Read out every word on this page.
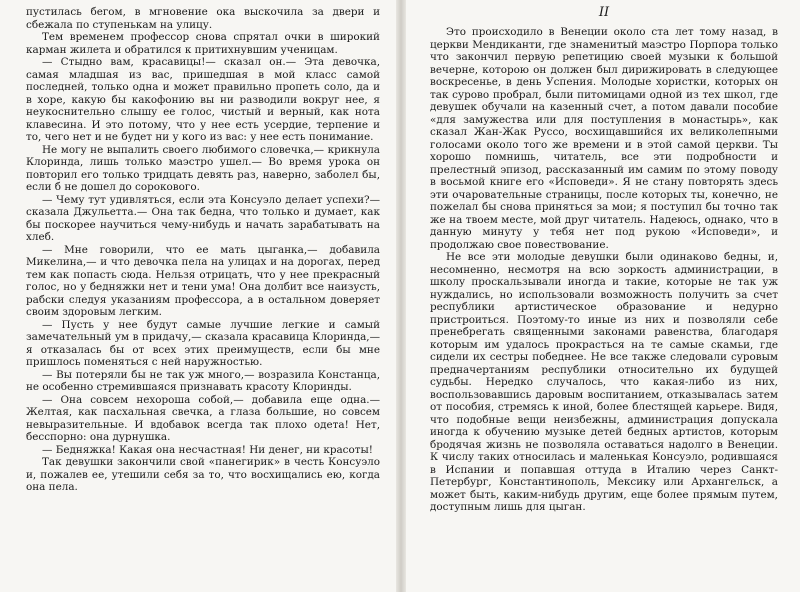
пустилась бегом, в мгновение ока выскочила за двери и сбежала по ступенькам на улицу.

Тем временем профессор снова спрятал очки в широкий карман жилета и обратился к притихнувшим ученицам.

— Стыдно вам, красавицы!— сказал он.— Эта девочка, самая младшая из вас, пришедшая в мой класс самой последней, только одна и может правильно пропеть соло, да и в хоре, какую бы какофонию вы ни разводили вокруг нее, я неукоснительно слышу ее голос, чистый и верный, как нота клавесина. И это потому, что у нее есть усердие, терпение и то, чего нет и не будет ни у кого из вас: у нее есть понимание.

Не могу не выпалить своего любимого словечка,— крикнула Клоринда, лишь только маэстро ушел.— Во время урока он повторил его только тридцать девять раз, наверно, заболел бы, если б не дошел до сорокового.

— Чему тут удивляться, если эта Консуэло делает успехи?— сказала Джульетта.— Она так бедна, что только и думает, как бы поскорее научиться чему-нибудь и начать зарабатывать на хлеб.

— Мне говорили, что ее мать цыганка,— добавила Микелина,— и что девочка пела на улицах и на дорогах, перед тем как попасть сюда. Нельзя отрицать, что у нее прекрасный голос, но у бедняжки нет и тени ума! Она долбит все наизусть, рабски следуя указаниям профессора, а в остальном доверяет своим здоровым легким.

— Пусть у нее будут самые лучшие легкие и самый замечательный ум в придачу,— сказала красавица Клоринда,— я отказалась бы от всех этих преимуществ, если бы мне пришлось поменяться с ней наружностью.

— Вы потеряли бы не так уж много,— возразила Констанца, не особенно стремившаяся признавать красоту Клоринды.

— Она совсем нехороша собой,— добавила еще одна.— Желтая, как пасхальная свечка, а глаза большие, но совсем невыразительные. И вдобавок всегда так плохо одета! Нет, бесспорно: она дурнушка.

— Бедняжка! Какая она несчастная! Ни денег, ни красоты!

Так девушки закончили свой «панегирик» в честь Консуэло и, пожалев ее, утешили себя за то, что восхищались ею, когда она пела.

II

Это происходило в Венеции около ста лет тому назад, в церкви Мендиканти, где знаменитый маэстро Порпора только что закончил первую репетицию своей музыки к большой вечерне, которою он должен был дирижировать в следующее воскресенье, в день Успения. Молодые хористки, которых он так сурово пробрал, были питомицами одной из тех школ, где девушек обучали на казенный счет, а потом давали пособие «для замужества или для поступления в монастырь», как сказал Жан-Жак Руссо, восхищавшийся их великолепными голосами около того же времени и в этой самой церкви. Ты хорошо помнишь, читатель, все эти подробности и прелестный эпизод, рассказанный им самим по этому поводу в восьмой книге его «Исповеди». Я не стану повторять здесь эти очаровательные страницы, после которых ты, конечно, не пожелал бы снова приняться за мои; я поступил бы точно так же на твоем месте, мой друг читатель. Надеюсь, однако, что в данную минуту у тебя нет под рукою «Исповеди», и продолжаю свое повествование.

Не все эти молодые девушки были одинаково бедны, и, несомненно, несмотря на всю зоркость администрации, в школу проскальзывали иногда и такие, которые не так уж нуждались, но использовали возможность получить за счет республики артистическое образование и недурно пристроиться. Поэтому-то иные из них и позволяли себе пренебрегать священными законами равенства, благодаря которым им удалось прокрасться на те самые скамьи, где сидели их сестры победнее. Не все также следовали суровым предначертаниям республики относительно их будущей судьбы. Нередко случалось, что какая-либо из них, воспользовавшись даровым воспитанием, отказывалась затем от пособия, стремясь к иной, более блестящей карьере. Видя, что подобные вещи неизбежны, администрация допускала иногда к обучению музыке детей бедных артистов, которым бродячая жизнь не позволяла оставаться надолго в Венеции. К числу таких относилась и маленькая Консуэло, родившаяся в Испании и попавшая оттуда в Италию через Санкт-Петербург, Константинополь, Мексику или Архангельск, а может быть, каким-нибудь другим, еще более прямым путем, доступным лишь для цыган.
